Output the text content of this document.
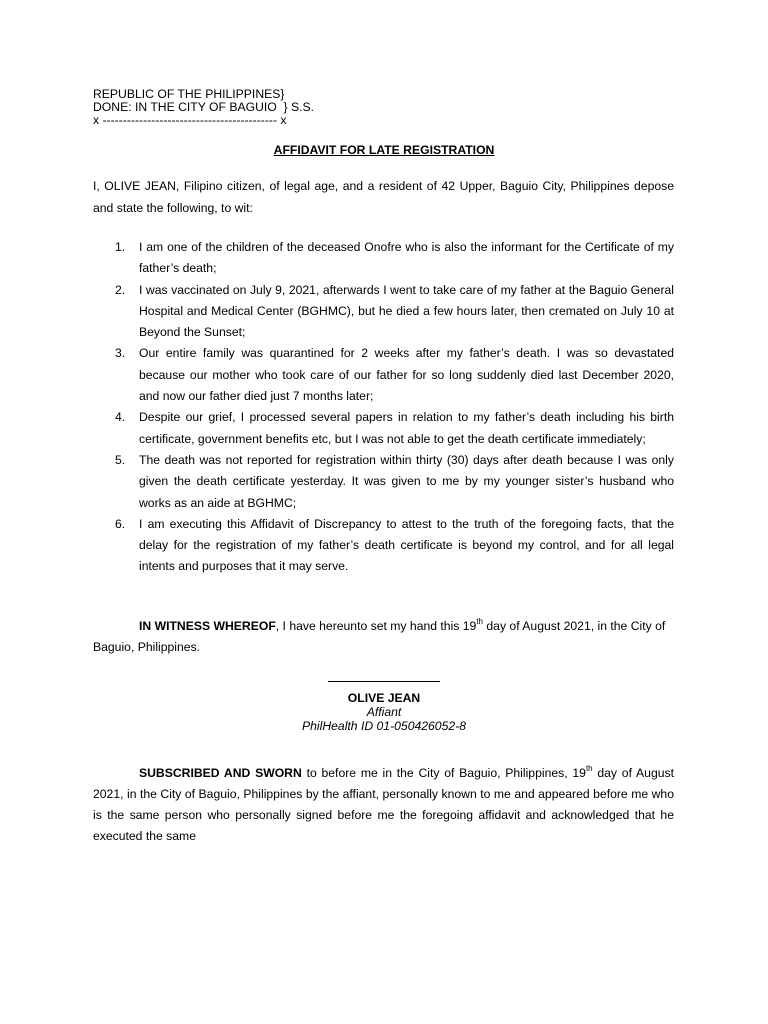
REPUBLIC OF THE PHILIPPINES}
DONE: IN THE CITY OF BAGUIO  } S.S.
x ------------------------------------------- x
AFFIDAVIT FOR LATE REGISTRATION
I, OLIVE JEAN, Filipino citizen, of legal age, and a resident of 42 Upper, Baguio City, Philippines depose and state the following, to wit:
1. I am one of the children of the deceased Onofre who is also the informant for the Certificate of my father’s death;
2. I was vaccinated on July 9, 2021, afterwards I went to take care of my father at the Baguio General Hospital and Medical Center (BGHMC), but he died a few hours later, then cremated on July 10 at Beyond the Sunset;
3. Our entire family was quarantined for 2 weeks after my father’s death. I was so devastated because our mother who took care of our father for so long suddenly died last December 2020, and now our father died just 7 months later;
4. Despite our grief, I processed several papers in relation to my father’s death including his birth certificate, government benefits etc, but I was not able to get the death certificate immediately;
5. The death was not reported for registration within thirty (30) days after death because I was only given the death certificate yesterday. It was given to me by my younger sister’s husband who works as an aide at BGHMC;
6. I am executing this Affidavit of Discrepancy to attest to the truth of the foregoing facts, that the delay for the registration of my father’s death certificate is beyond my control, and for all legal intents and purposes that it may serve.
IN WITNESS WHEREOF, I have hereunto set my hand this 19th day of August 2021, in the City of Baguio, Philippines.
OLIVE JEAN
Affiant
PhilHealth ID 01-050426052-8
SUBSCRIBED AND SWORN to before me in the City of Baguio, Philippines, 19th day of August 2021, in the City of Baguio, Philippines by the affiant, personally known to me and appeared before me who is the same person who personally signed before me the foregoing affidavit and acknowledged that he executed the same
